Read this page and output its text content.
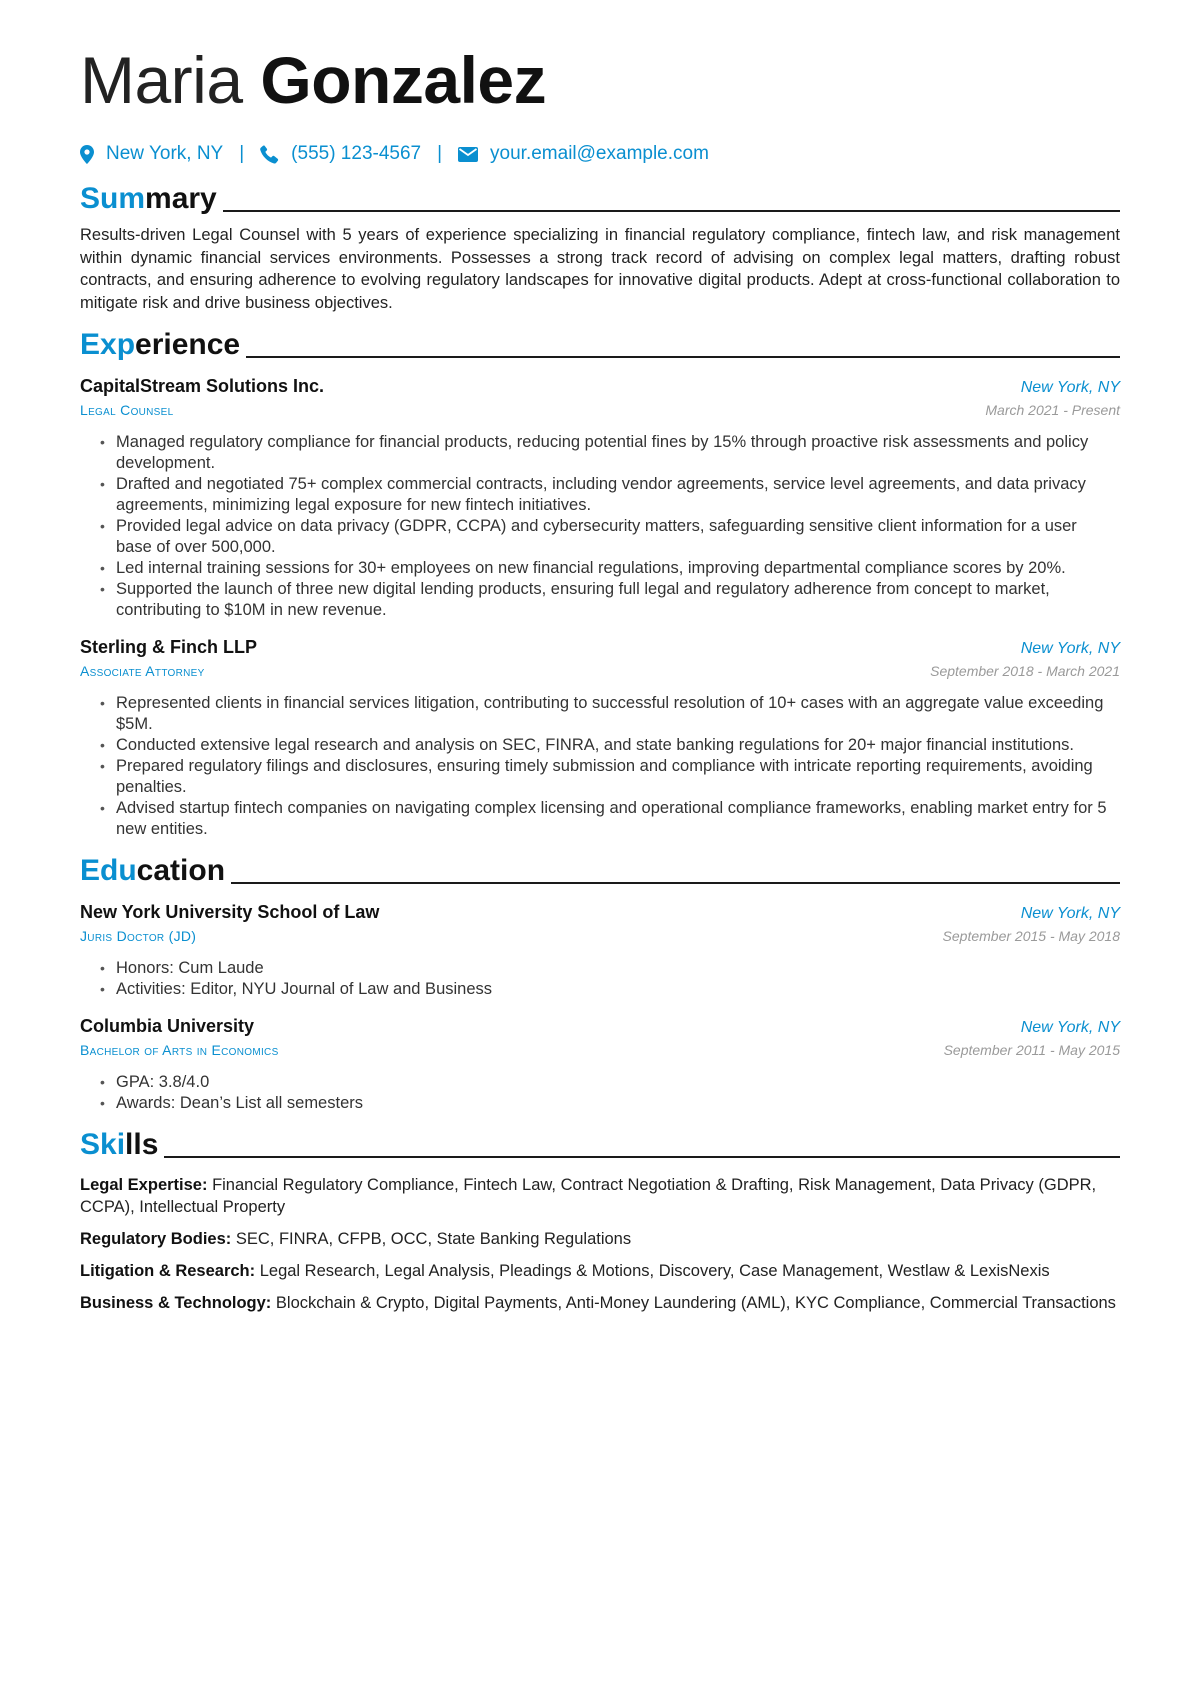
Maria Gonzalez
New York, NY | (555) 123-4567 |	your.email@example.com
Summary

Results-driven Legal Counsel with 5 years of experience specializing in financial regulatory compliance, fintech law, and risk management within dynamic financial services environments. Possesses a strong track record of advising on complex legal matters, drafting robust contracts, and ensuring adherence to evolving regulatory landscapes for innovative digital products. Adept at cross-functional collaboration to mitigate risk and drive business objectives.

Experience
CapitalStream Solutions Inc.	New York, NY
Legal Counsel	March 2021 - Present
• Managed regulatory compliance for financial products, reducing potential fines by 15% through proactive risk assessments and policy development.
• Drafted and negotiated 75+ complex commercial contracts, including vendor agreements, service level agreements, and data privacy agreements, minimizing legal exposure for new fintech initiatives.
• Provided legal advice on data privacy (GDPR, CCPA) and cybersecurity matters, safeguarding sensitive client information for a user base of over 500,000.
• Led internal training sessions for 30+ employees on new financial regulations, improving departmental compliance scores by 20%.
• Supported the launch of three new digital lending products, ensuring full legal and regulatory adherence from concept to market, contributing to $10M in new revenue.
Sterling & Finch LLP	New York, NY
Associate Attorney	September 2018 - March 2021
• Represented clients in financial services litigation, contributing to successful resolution of 10+ cases with an aggregate value exceeding $5M.
• Conducted extensive legal research and analysis on SEC, FINRA, and state banking regulations for 20+ major financial institutions.
• Prepared regulatory filings and disclosures, ensuring timely submission and compliance with intricate reporting requirements, avoiding penalties.
• Advised startup fintech companies on navigating complex licensing and operational compliance frameworks, enabling market entry for 5 new entities.
Education
New York University School of Law	New York, NY
Juris Doctor (JD)	September 2015 - May 2018
• Honors: Cum Laude
• Activities: Editor, NYU Journal of Law and Business
Columbia University	New York, NY
Bachelor of Arts in Economics	September 2011 - May 2015
• GPA: 3.8/4.0
• Awards: Dean’s List all semesters
Skills
Legal Expertise: Financial Regulatory Compliance, Fintech Law, Contract Negotiation & Drafting, Risk Management, Data Privacy (GDPR, CCPA), Intellectual Property
Regulatory Bodies: SEC, FINRA, CFPB, OCC, State Banking Regulations
Litigation & Research: Legal Research, Legal Analysis, Pleadings & Motions, Discovery, Case Management, Westlaw & LexisNexis
Business & Technology: Blockchain & Crypto, Digital Payments, Anti-Money Laundering (AML), KYC Compliance, Commercial Transactions
